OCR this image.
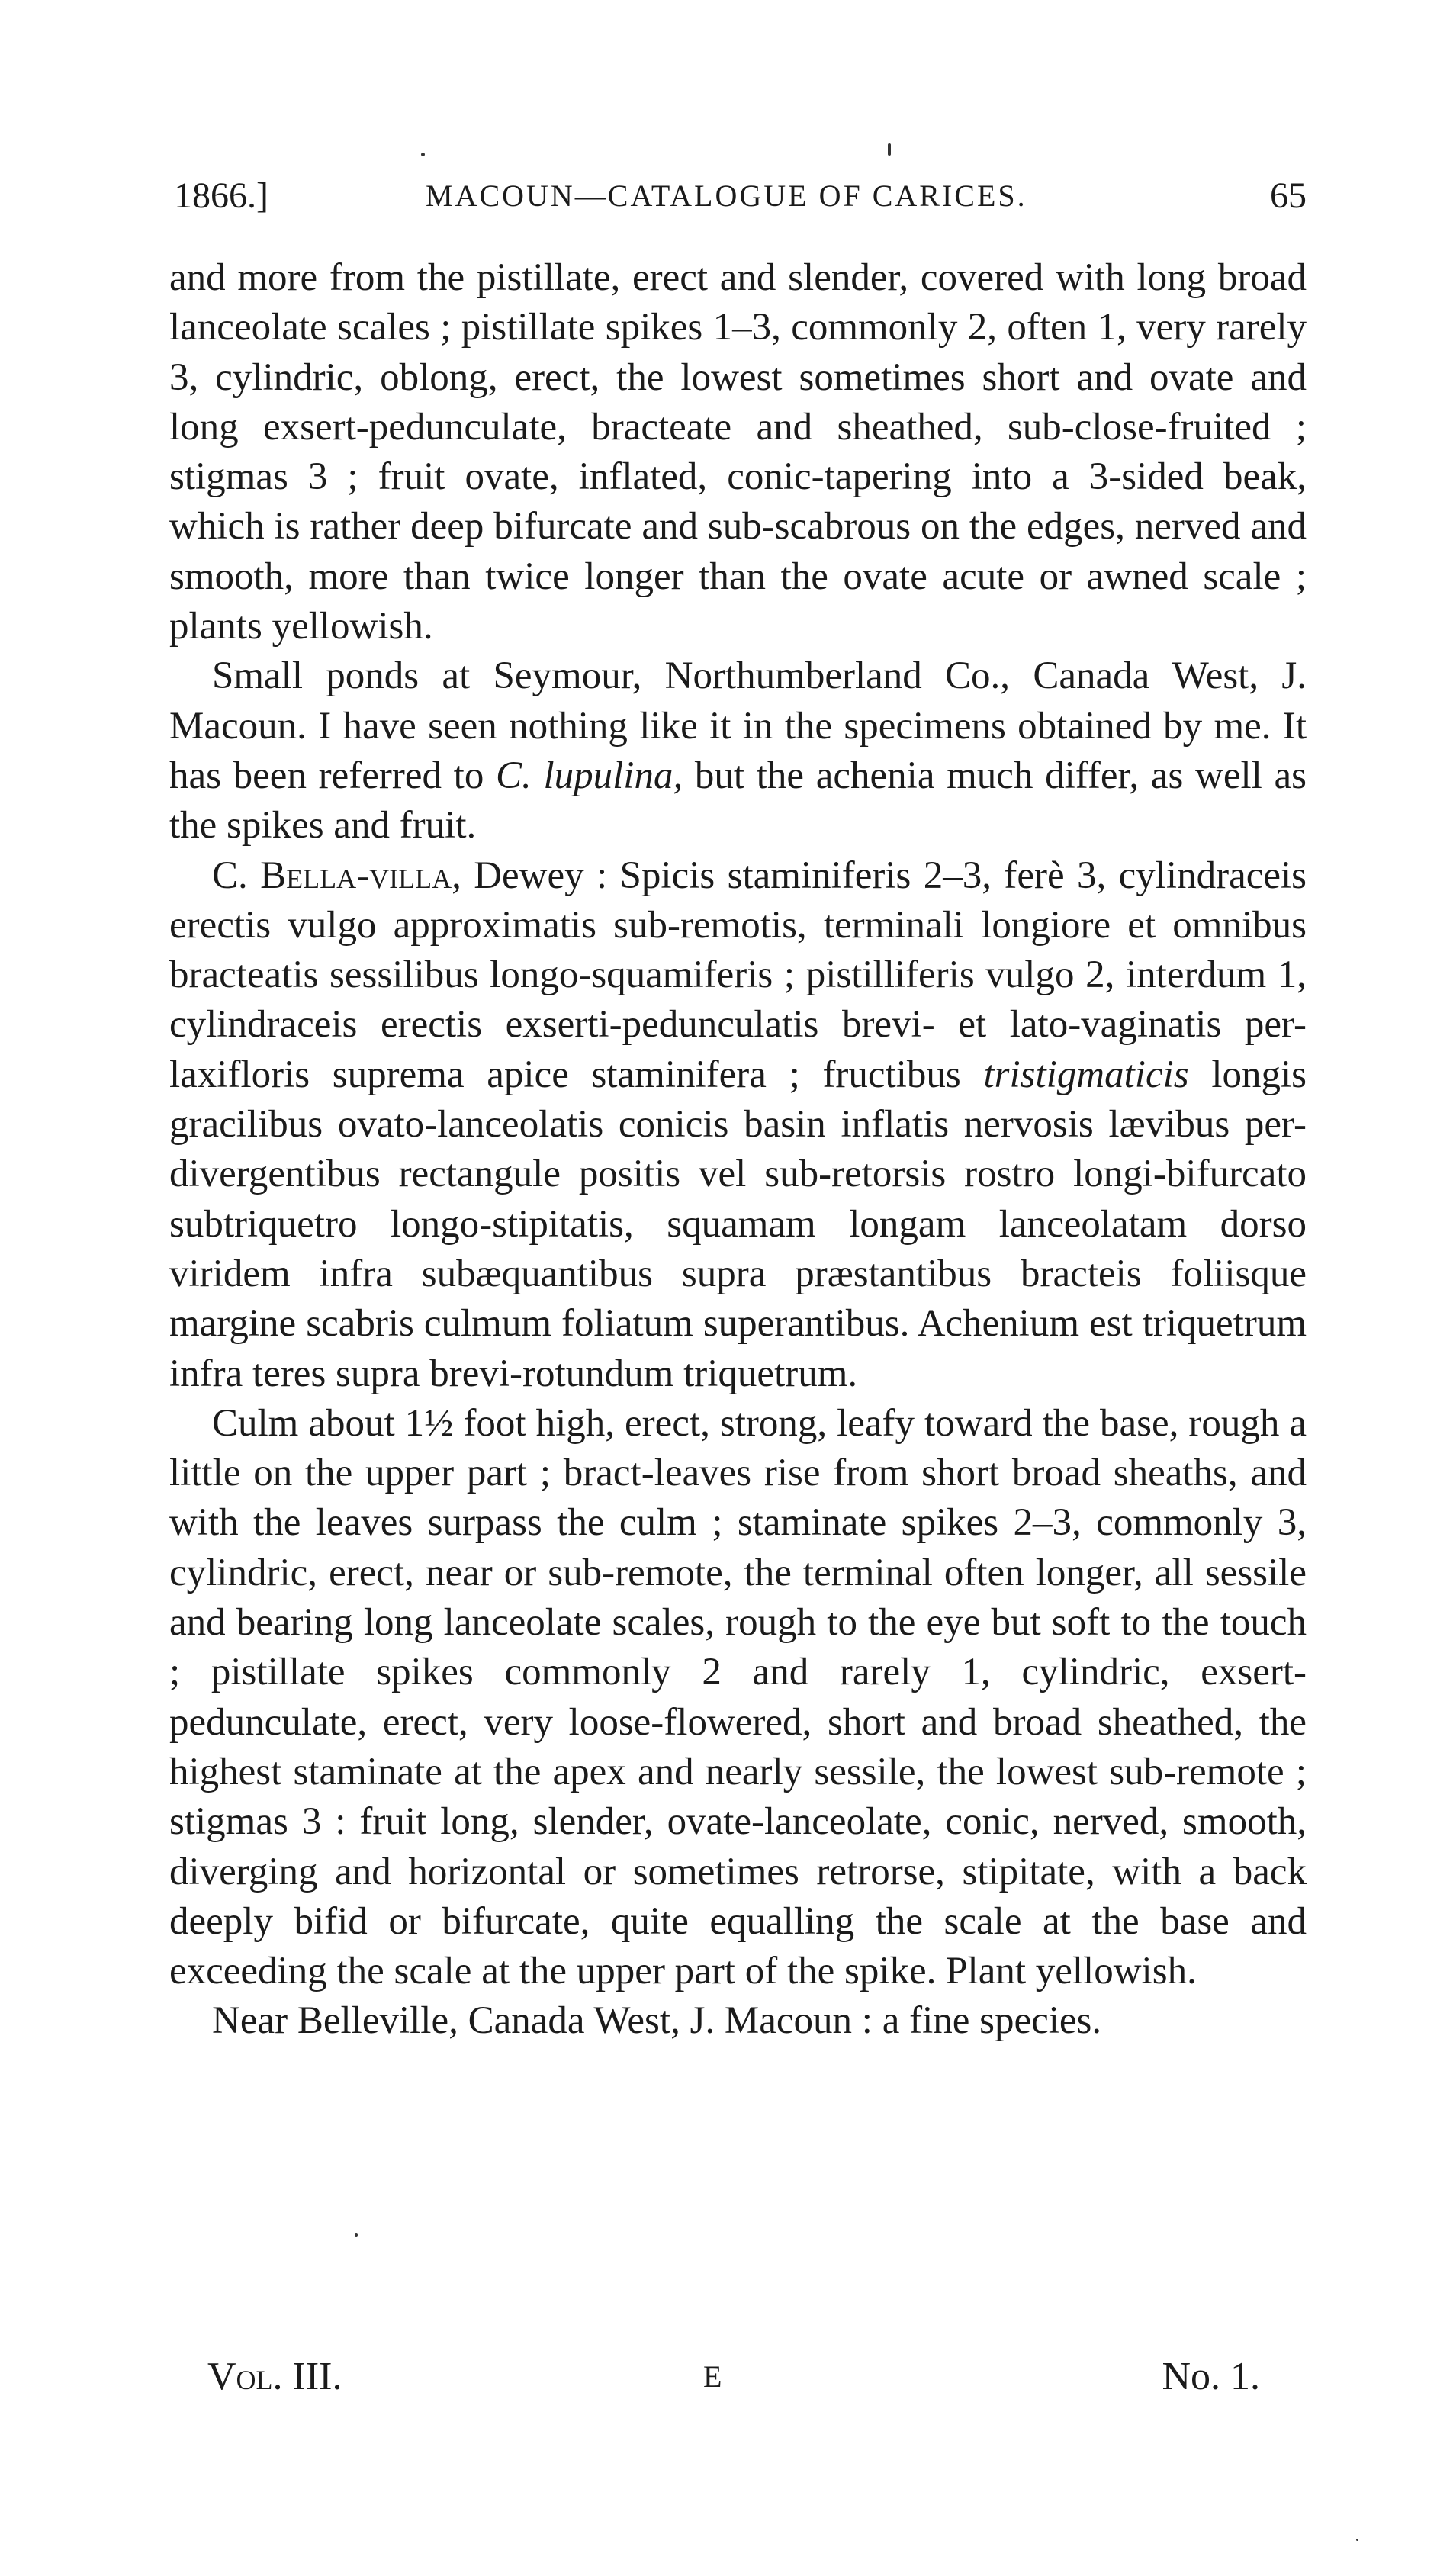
1866.]	MACOUN—CATALOGUE OF CARICES.	65

and more from the pistillate, erect and slender, covered with long broad lanceolate scales ; pistillate spikes 1–3, commonly 2, often 1, very rarely 3, cylindric, oblong, erect, the lowest sometimes short and ovate and long exsert-pedunculate, bracteate and sheathed, sub-close-fruited ; stigmas 3 ; fruit ovate, inflated, conic-tapering into a 3-sided beak, which is rather deep bifurcate and sub-scabrous on the edges, nerved and smooth, more than twice longer than the ovate acute or awned scale ; plants yellowish.

Small ponds at Seymour, Northumberland Co., Canada West, J. Macoun. I have seen nothing like it in the specimens obtained by me. It has been referred to C. lupulina, but the achenia much differ, as well as the spikes and fruit.

C. Bella-villa, Dewey : Spicis staminiferis 2–3, ferè 3, cylindraceis erectis vulgo approximatis sub-remotis, terminali longiore et omnibus bracteatis sessilibus longo-squamiferis ; pistilliferis vulgo 2, interdum 1, cylindraceis erectis exserti-pedunculatis brevi- et lato-vaginatis per-laxifloris suprema apice staminifera ; fructibus tristigmaticis longis gracilibus ovato-lanceolatis conicis basin inflatis nervosis lævibus per-divergentibus rectangule positis vel sub-retorsis rostro longi-bifurcato subtriquetro longo-stipitatis, squamam longam lanceolatam dorso viridem infra subæquantibus supra præstantibus bracteis foliisque margine scabris culmum foliatum superantibus. Achenium est triquetrum infra teres supra brevi-rotundum triquetrum.

Culm about 1½ foot high, erect, strong, leafy toward the base, rough a little on the upper part ; bract-leaves rise from short broad sheaths, and with the leaves surpass the culm ; staminate spikes 2–3, commonly 3, cylindric, erect, near or sub-remote, the terminal often longer, all sessile and bearing long lanceolate scales, rough to the eye but soft to the touch ; pistillate spikes commonly 2 and rarely 1, cylindric, exsert-pedunculate, erect, very loose-flowered, short and broad sheathed, the highest staminate at the apex and nearly sessile, the lowest sub-remote ; stigmas 3 : fruit long, slender, ovate-lanceolate, conic, nerved, smooth, diverging and horizontal or sometimes retrorse, stipitate, with a back deeply bifid or bifurcate, quite equalling the scale at the base and exceeding the scale at the upper part of the spike. Plant yellowish.

Near Belleville, Canada West, J. Macoun : a fine species.

Vol. III.	E	No. 1.
